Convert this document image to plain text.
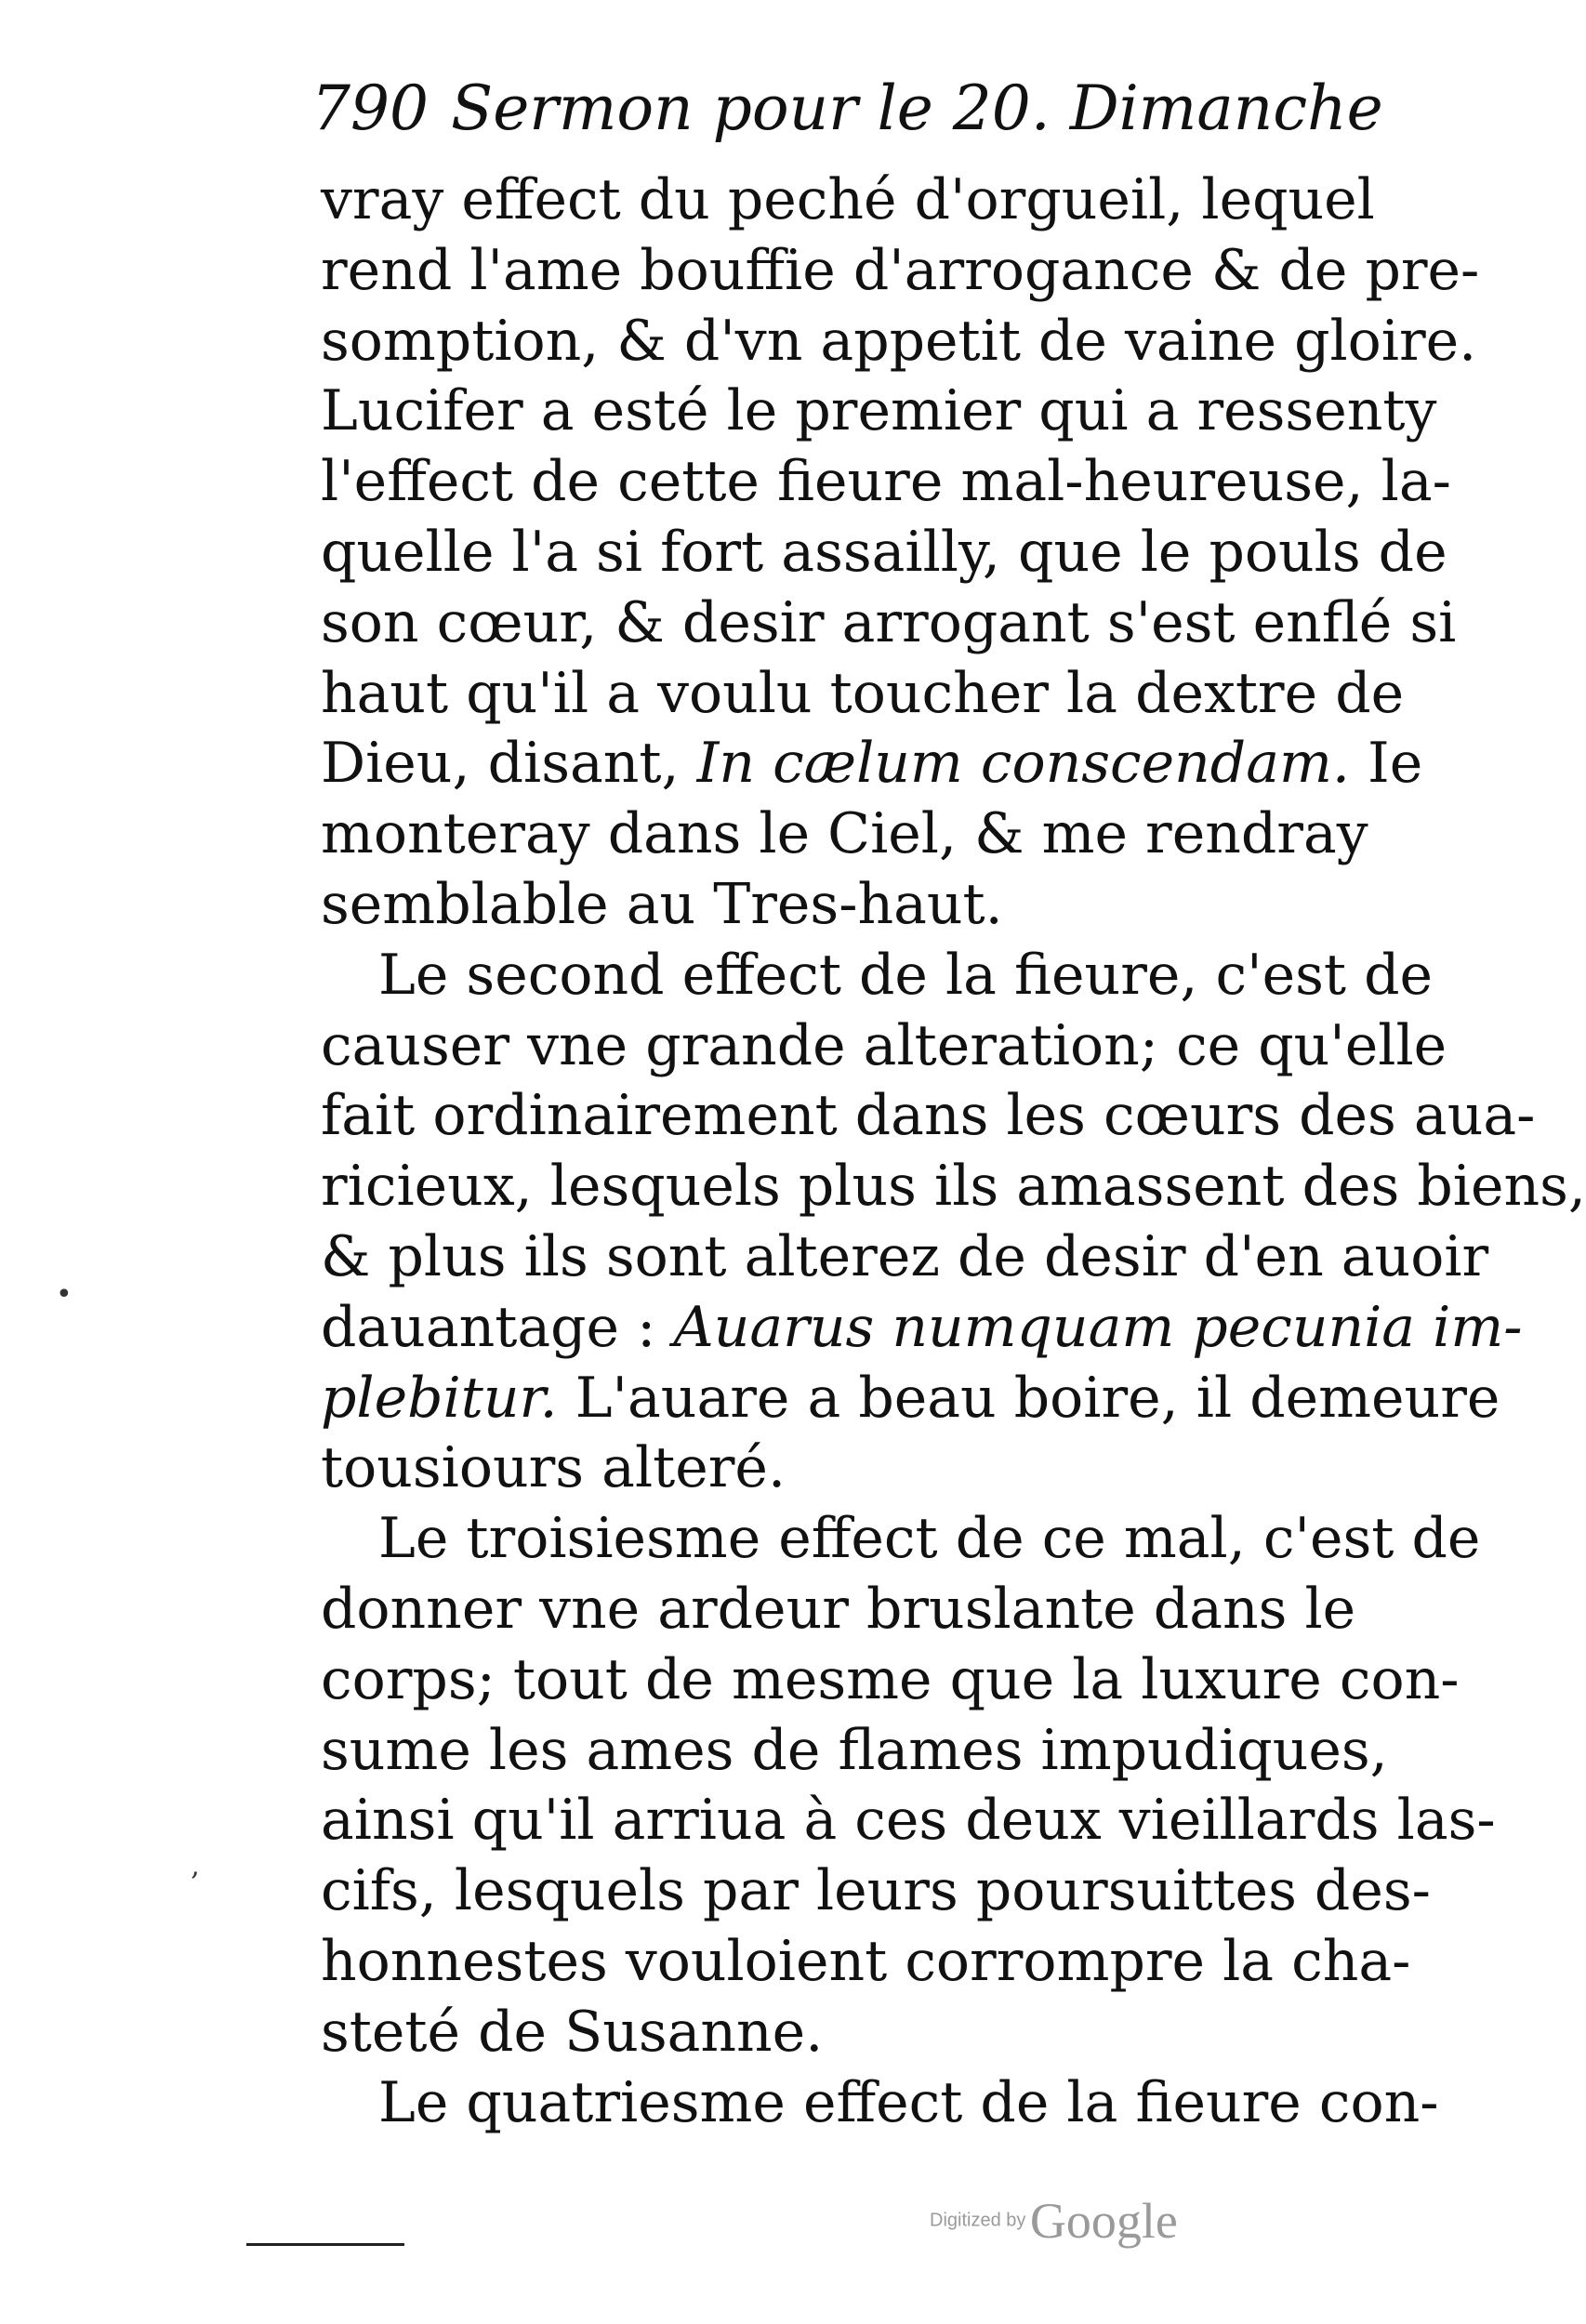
790 Sermon pour le 20. Dimanche
vray effect du peché d'orgueil, lequel
rend l'ame bouffie d'arrogance & de pre-
somption, & d'vn appetit de vaine gloire.
Lucifer a esté le premier qui a ressenty
l'effect de cette fieure mal-heureuse, la-
quelle l'a si fort assailly, que le pouls de
son cœur, & desir arrogant s'est enflé si
haut qu'il a voulu toucher la dextre de
Dieu, disant, In cælum conscendam. Ie
monteray dans le Ciel, & me rendray
semblable au Tres-haut.
Le second effect de la fieure, c'est de
causer vne grande alteration; ce qu'elle
fait ordinairement dans les cœurs des aua-
ricieux, lesquels plus ils amassent des biens,
& plus ils sont alterez de desir d'en auoir
dauantage : Auarus numquam pecunia im-
plebitur. L'auare a beau boire, il demeure
tousiours alteré.
Le troisiesme effect de ce mal, c'est de
donner vne ardeur bruslante dans le
corps; tout de mesme que la luxure con-
sume les ames de flames impudiques,
ainsi qu'il arriua à ces deux vieillards las-
cifs, lesquels par leurs poursuittes des-
honnestes vouloient corrompre la cha-
steté de Susanne.
Le quatriesme effect de la fieure con-
•
‚
Digitized by Google
